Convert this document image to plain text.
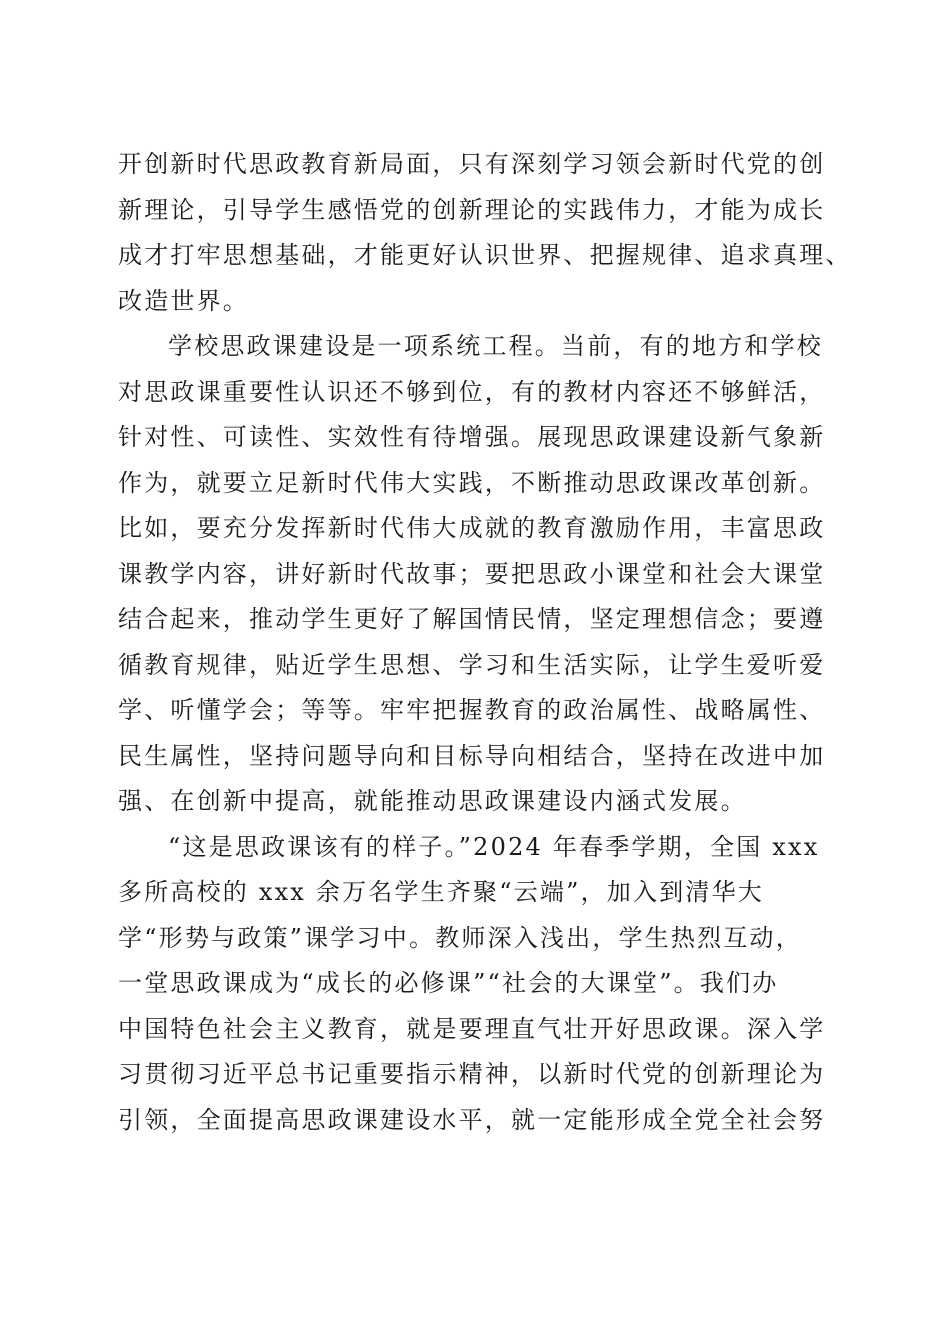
开创新时代思政教育新局面，只有深刻学习领会新时代党的创
新理论，引导学生感悟党的创新理论的实践伟力，才能为成长
成才打牢思想基础，才能更好认识世界、把握规律、追求真理、
改造世界。
学校思政课建设是一项系统工程。当前，有的地方和学校
对思政课重要性认识还不够到位，有的教材内容还不够鲜活，
针对性、可读性、实效性有待增强。展现思政课建设新气象新
作为，就要立足新时代伟大实践，不断推动思政课改革创新。
比如，要充分发挥新时代伟大成就的教育激励作用，丰富思政
课教学内容，讲好新时代故事；要把思政小课堂和社会大课堂
结合起来，推动学生更好了解国情民情，坚定理想信念；要遵
循教育规律，贴近学生思想、学习和生活实际，让学生爱听爱
学、听懂学会；等等。牢牢把握教育的政治属性、战略属性、
民生属性，坚持问题导向和目标导向相结合，坚持在改进中加
强、在创新中提高，就能推动思政课建设内涵式发展。
“这是思政课该有的样子。”2024 年春季学期，全国 xxx
多所高校的 xxx 余万名学生齐聚“云端”，加入到清华大
学“形势与政策”课学习中。教师深入浅出，学生热烈互动，
一堂思政课成为“成长的必修课”“社会的大课堂”。我们办
中国特色社会主义教育，就是要理直气壮开好思政课。深入学
习贯彻习近平总书记重要指示精神，以新时代党的创新理论为
引领，全面提高思政课建设水平，就一定能形成全党全社会努
